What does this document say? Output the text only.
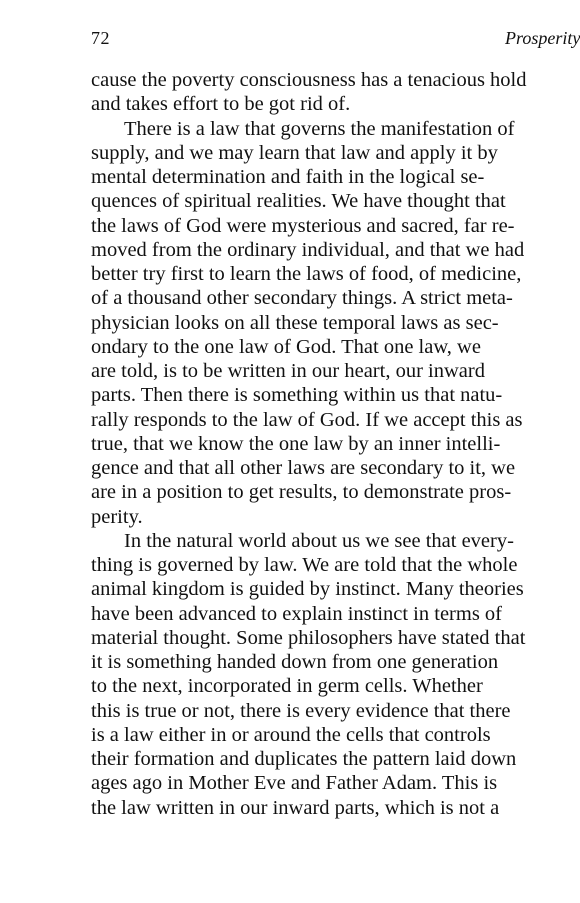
72	Prosperity
cause the poverty consciousness has a tenacious hold
and takes effort to be got rid of.
There is a law that governs the manifestation of
supply, and we may learn that law and apply it by
mental determination and faith in the logical se-
quences of spiritual realities. We have thought that
the laws of God were mysterious and sacred, far re-
moved from the ordinary individual, and that we had
better try first to learn the laws of food, of medicine,
of a thousand other secondary things. A strict meta-
physician looks on all these temporal laws as sec-
ondary to the one law of God. That one law, we
are told, is to be written in our heart, our inward
parts. Then there is something within us that natu-
rally responds to the law of God. If we accept this as
true, that we know the one law by an inner intelli-
gence and that all other laws are secondary to it, we
are in a position to get results, to demonstrate pros-
perity.
In the natural world about us we see that every-
thing is governed by law. We are told that the whole
animal kingdom is guided by instinct. Many theories
have been advanced to explain instinct in terms of
material thought. Some philosophers have stated that
it is something handed down from one generation
to the next, incorporated in germ cells. Whether
this is true or not, there is every evidence that there
is a law either in or around the cells that controls
their formation and duplicates the pattern laid down
ages ago in Mother Eve and Father Adam. This is
the law written in our inward parts, which is not a
